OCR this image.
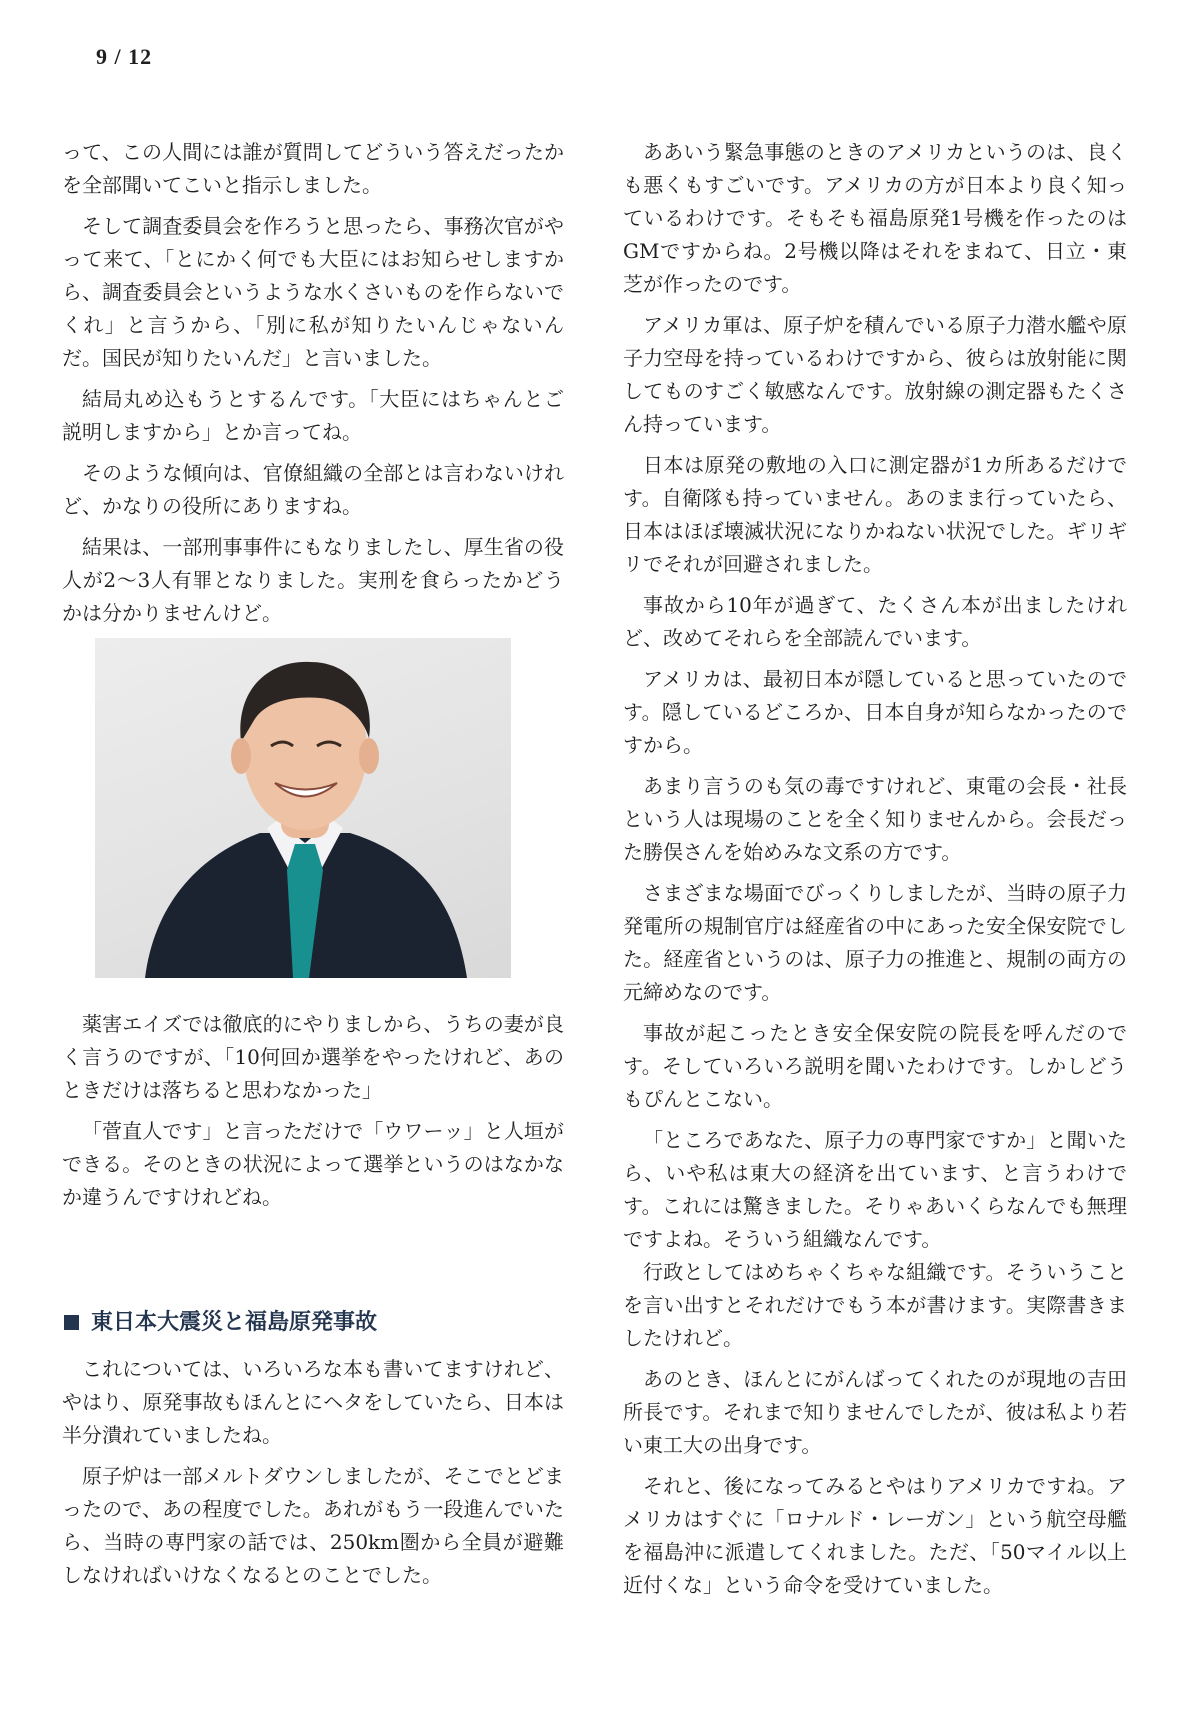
9 / 12

って、この人間には誰が質問してどういう答えだったかを全部聞いてこいと指示しました。

そして調査委員会を作ろうと思ったら、事務次官がやって来て、「とにかく何でも大臣にはお知らせしますから、調査委員会というような水くさいものを作らないでくれ」と言うから、「別に私が知りたいんじゃないんだ。国民が知りたいんだ」と言いました。

結局丸め込もうとするんです。「大臣にはちゃんとご説明しますから」とか言ってね。

そのような傾向は、官僚組織の全部とは言わないけれど、かなりの役所にありますね。

結果は、一部刑事事件にもなりましたし、厚生省の役人が2〜3人有罪となりました。実刑を食らったかどうかは分かりませんけど。

薬害エイズでは徹底的にやりましから、うちの妻が良く言うのですが、「10何回か選挙をやったけれど、あのときだけは落ちると思わなかった」

「菅直人です」と言っただけで「ウワーッ」と人垣ができる。そのときの状況によって選挙というのはなかなか違うんですけれどね。

東日本大震災と福島原発事故

これについては、いろいろな本も書いてますけれど、やはり、原発事故もほんとにヘタをしていたら、日本は半分潰れていましたね。

原子炉は一部メルトダウンしましたが、そこでとどまったので、あの程度でした。あれがもう一段進んでいたら、当時の専門家の話では、250km圏から全員が避難しなければいけなくなるとのことでした。

ああいう緊急事態のときのアメリカというのは、良くも悪くもすごいです。アメリカの方が日本より良く知っているわけです。そもそも福島原発1号機を作ったのはGMですからね。2号機以降はそれをまねて、日立・東芝が作ったのです。

アメリカ軍は、原子炉を積んでいる原子力潜水艦や原子力空母を持っているわけですから、彼らは放射能に関してものすごく敏感なんです。放射線の測定器もたくさん持っています。

日本は原発の敷地の入口に測定器が1カ所あるだけです。自衛隊も持っていません。あのまま行っていたら、日本はほぼ壊滅状況になりかねない状況でした。ギリギリでそれが回避されました。

事故から10年が過ぎて、たくさん本が出ましたけれど、改めてそれらを全部読んでいます。

アメリカは、最初日本が隠していると思っていたのです。隠しているどころか、日本自身が知らなかったのですから。

あまり言うのも気の毒ですけれど、東電の会長・社長という人は現場のことを全く知りませんから。会長だった勝俣さんを始めみな文系の方です。

さまざまな場面でびっくりしましたが、当時の原子力発電所の規制官庁は経産省の中にあった安全保安院でした。経産省というのは、原子力の推進と、規制の両方の元締めなのです。

事故が起こったとき安全保安院の院長を呼んだのです。そしていろいろ説明を聞いたわけです。しかしどうもぴんとこない。

「ところであなた、原子力の専門家ですか」と聞いたら、いや私は東大の経済を出ています、と言うわけです。これには驚きました。そりゃあいくらなんでも無理ですよね。そういう組織なんです。

行政としてはめちゃくちゃな組織です。そういうことを言い出すとそれだけでもう本が書けます。実際書きましたけれど。

あのとき、ほんとにがんばってくれたのが現地の吉田所長です。それまで知りませんでしたが、彼は私より若い東工大の出身です。

それと、後になってみるとやはりアメリカですね。アメリカはすぐに「ロナルド・レーガン」という航空母艦を福島沖に派遣してくれました。ただ、「50マイル以上近付くな」という命令を受けていました。
